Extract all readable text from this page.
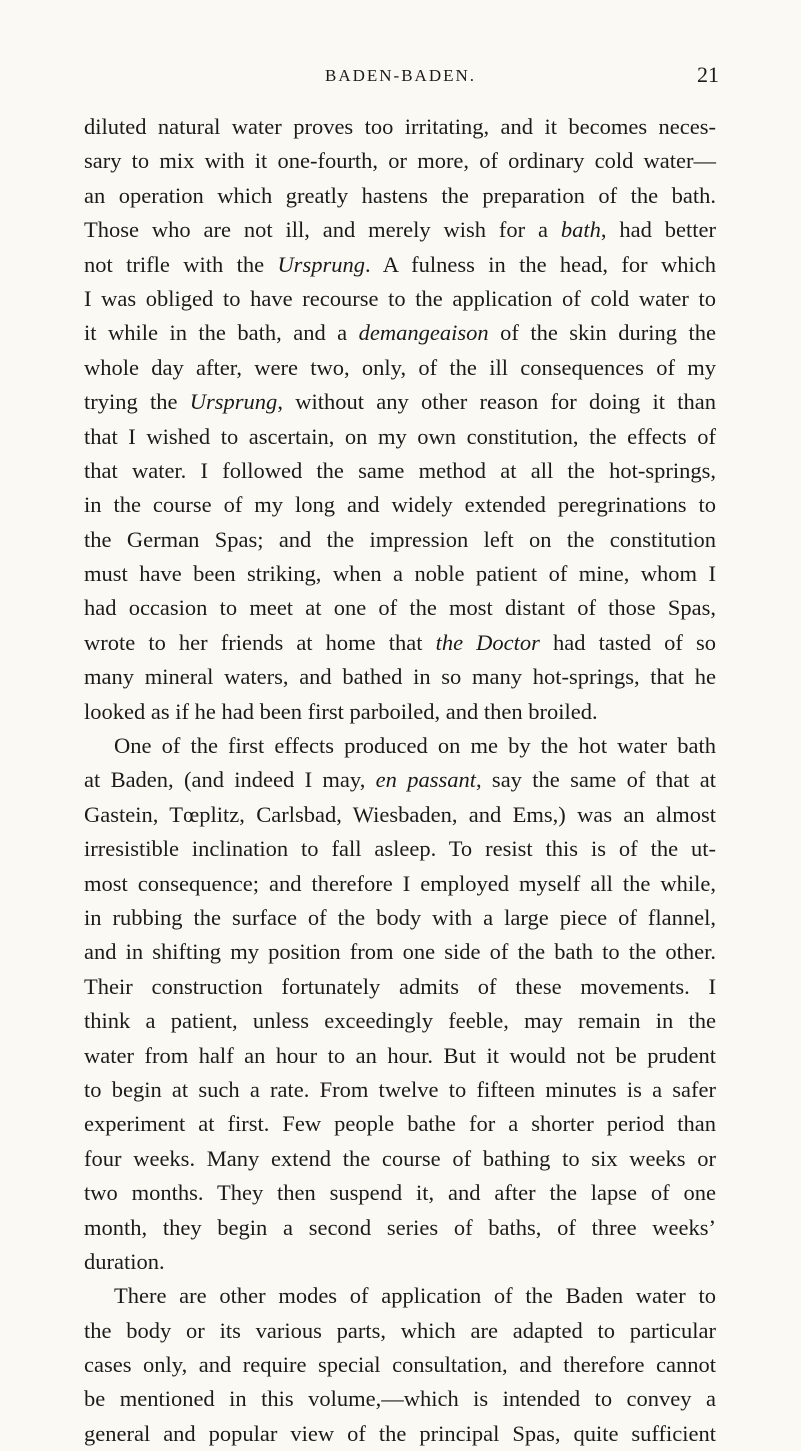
BADEN-BADEN.	21
diluted natural water proves too irritating, and it becomes neces-
sary to mix with it one-fourth, or more, of ordinary cold water—
an operation which greatly hastens the preparation of the bath.
Those who are not ill, and merely wish for a bath, had better
not trifle with the Ursprung. A fulness in the head, for which
I was obliged to have recourse to the application of cold water to
it while in the bath, and a demangeaison of the skin during the
whole day after, were two, only, of the ill consequences of my
trying the Ursprung, without any other reason for doing it than
that I wished to ascertain, on my own constitution, the effects of
that water. I followed the same method at all the hot-springs,
in the course of my long and widely extended peregrinations to
the German Spas; and the impression left on the constitution
must have been striking, when a noble patient of mine, whom I
had occasion to meet at one of the most distant of those Spas,
wrote to her friends at home that the Doctor had tasted of so
many mineral waters, and bathed in so many hot-springs, that he
looked as if he had been first parboiled, and then broiled.
One of the first effects produced on me by the hot water bath
at Baden, (and indeed I may, en passant, say the same of that at
Gastein, Tœplitz, Carlsbad, Wiesbaden, and Ems,) was an almost
irresistible inclination to fall asleep. To resist this is of the ut-
most consequence; and therefore I employed myself all the while,
in rubbing the surface of the body with a large piece of flannel,
and in shifting my position from one side of the bath to the other.
Their construction fortunately admits of these movements. I
think a patient, unless exceedingly feeble, may remain in the
water from half an hour to an hour. But it would not be prudent
to begin at such a rate. From twelve to fifteen minutes is a safer
experiment at first. Few people bathe for a shorter period than
four weeks. Many extend the course of bathing to six weeks or
two months. They then suspend it, and after the lapse of one
month, they begin a second series of baths, of three weeks’
duration.
There are other modes of application of the Baden water to
the body or its various parts, which are adapted to particular
cases only, and require special consultation, and therefore cannot
be mentioned in this volume,—which is intended to convey a
general and popular view of the principal Spas, quite sufficient
